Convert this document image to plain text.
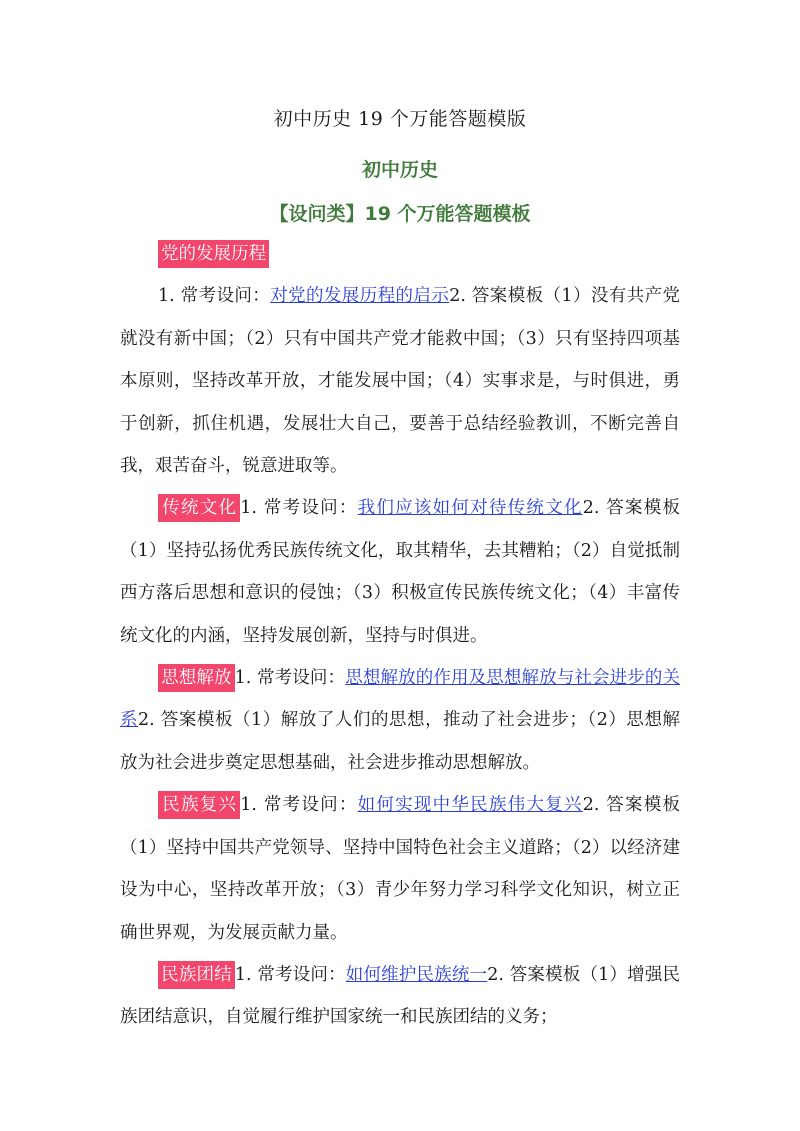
初中历史 19 个万能答题模版
初中历史
【设问类】19 个万能答题模板

党的发展历程

1. 常考设问：对党的发展历程的启示2. 答案模板（1）没有共产党就没有新中国；（2）只有中国共产党才能救中国；（3）只有坚持四项基本原则，坚持改革开放，才能发展中国；（4）实事求是，与时俱进，勇于创新，抓住机遇，发展壮大自己，要善于总结经验教训，不断完善自我，艰苦奋斗，锐意进取等。

传统文化 1. 常考设问：我们应该如何对待传统文化2. 答案模板（1）坚持弘扬优秀民族传统文化，取其精华，去其糟粕；（2）自觉抵制西方落后思想和意识的侵蚀；（3）积极宣传民族传统文化；（4）丰富传统文化的内涵，坚持发展创新，坚持与时俱进。

思想解放 1. 常考设问：思想解放的作用及思想解放与社会进步的关系2. 答案模板（1）解放了人们的思想，推动了社会进步；（2）思想解放为社会进步奠定思想基础，社会进步推动思想解放。

民族复兴 1. 常考设问：如何实现中华民族伟大复兴2. 答案模板（1）坚持中国共产党领导、坚持中国特色社会主义道路；（2）以经济建设为中心，坚持改革开放；（3）青少年努力学习科学文化知识，树立正确世界观，为发展贡献力量。

民族团结 1. 常考设问：如何维护民族统一2. 答案模板（1）增强民族团结意识，自觉履行维护国家统一和民族团结的义务；
